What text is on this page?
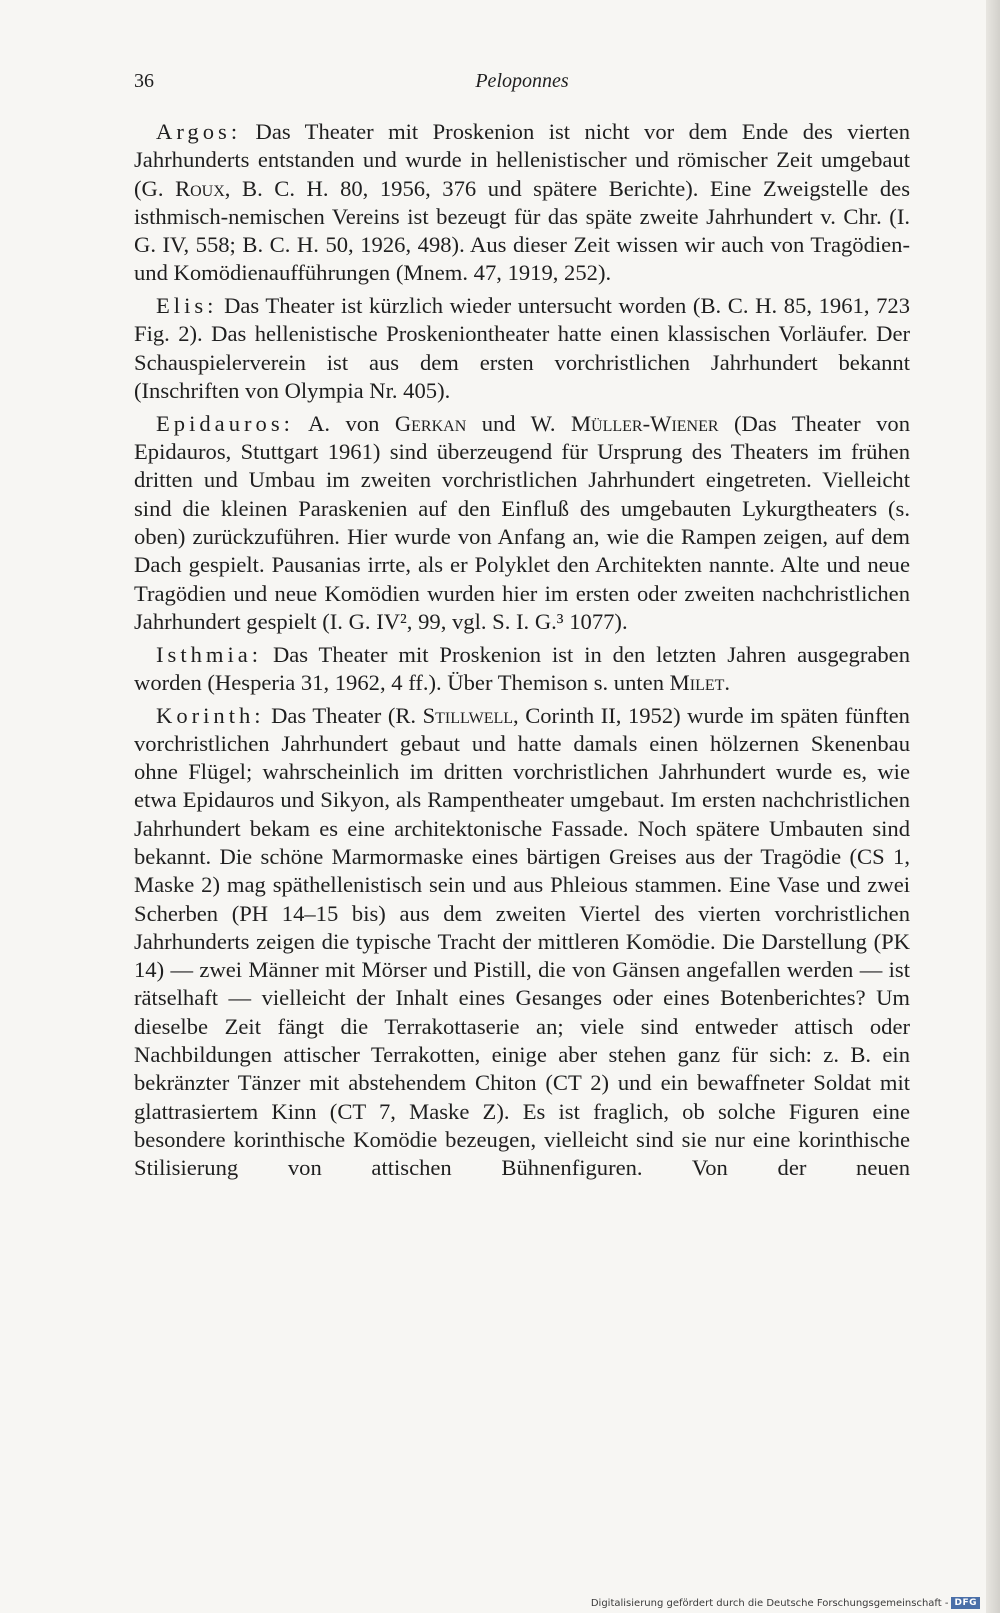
36	Peloponnes

Argos: Das Theater mit Proskenion ist nicht vor dem Ende des vierten Jahrhunderts entstanden und wurde in hellenistischer und römischer Zeit umgebaut (G. Roux, B. C. H. 80, 1956, 376 und spätere Berichte). Eine Zweigstelle des isthmisch-nemischen Vereins ist bezeugt für das späte zweite Jahrhundert v. Chr. (I. G. IV, 558; B. C. H. 50, 1926, 498). Aus dieser Zeit wissen wir auch von Tragödien- und Komödienaufführungen (Mnem. 47, 1919, 252).

Elis: Das Theater ist kürzlich wieder untersucht worden (B. C. H. 85, 1961, 723 Fig. 2). Das hellenistische Proskeniontheater hatte einen klassischen Vorläufer. Der Schauspielerverein ist aus dem ersten vorchristlichen Jahrhundert bekannt (Inschriften von Olympia Nr. 405).

Epidauros: A. von Gerkan und W. Müller-Wiener (Das Theater von Epidauros, Stuttgart 1961) sind überzeugend für Ursprung des Theaters im frühen dritten und Umbau im zweiten vorchristlichen Jahrhundert eingetreten. Vielleicht sind die kleinen Paraskenien auf den Einfluß des umgebauten Lykurgtheaters (s. oben) zurückzuführen. Hier wurde von Anfang an, wie die Rampen zeigen, auf dem Dach gespielt. Pausanias irrte, als er Polyklet den Architekten nannte. Alte und neue Tragödien und neue Komödien wurden hier im ersten oder zweiten nachchristlichen Jahrhundert gespielt (I. G. IV², 99, vgl. S. I. G.³ 1077).

Isthmia: Das Theater mit Proskenion ist in den letzten Jahren ausgegraben worden (Hesperia 31, 1962, 4 ff.). Über Themison s. unten Milet.

Korinth: Das Theater (R. Stillwell, Corinth II, 1952) wurde im späten fünften vorchristlichen Jahrhundert gebaut und hatte damals einen hölzernen Skenenbau ohne Flügel; wahrscheinlich im dritten vorchristlichen Jahrhundert wurde es, wie etwa Epidauros und Sikyon, als Rampentheater umgebaut. Im ersten nachchristlichen Jahrhundert bekam es eine architektonische Fassade. Noch spätere Umbauten sind bekannt. Die schöne Marmormaske eines bärtigen Greises aus der Tragödie (CS 1, Maske 2) mag späthellenistisch sein und aus Phleious stammen. Eine Vase und zwei Scherben (PH 14–15 bis) aus dem zweiten Viertel des vierten vorchristlichen Jahrhunderts zeigen die typische Tracht der mittleren Komödie. Die Darstellung (PK 14) — zwei Männer mit Mörser und Pistill, die von Gänsen angefallen werden — ist rätselhaft — vielleicht der Inhalt eines Gesanges oder eines Botenberichtes? Um dieselbe Zeit fängt die Terrakottaserie an; viele sind entweder attisch oder Nachbildungen attischer Terrakotten, einige aber stehen ganz für sich: z. B. ein bekränzter Tänzer mit abstehendem Chiton (CT 2) und ein bewaffneter Soldat mit glattrasiertem Kinn (CT 7, Maske Z). Es ist fraglich, ob solche Figuren eine besondere korinthische Komödie bezeugen, vielleicht sind sie nur eine korinthische Stilisierung von attischen Bühnenfiguren. Von der neuen

Digitalisierung gefördert durch die Deutsche Forschungsgemeinschaft - DFG
